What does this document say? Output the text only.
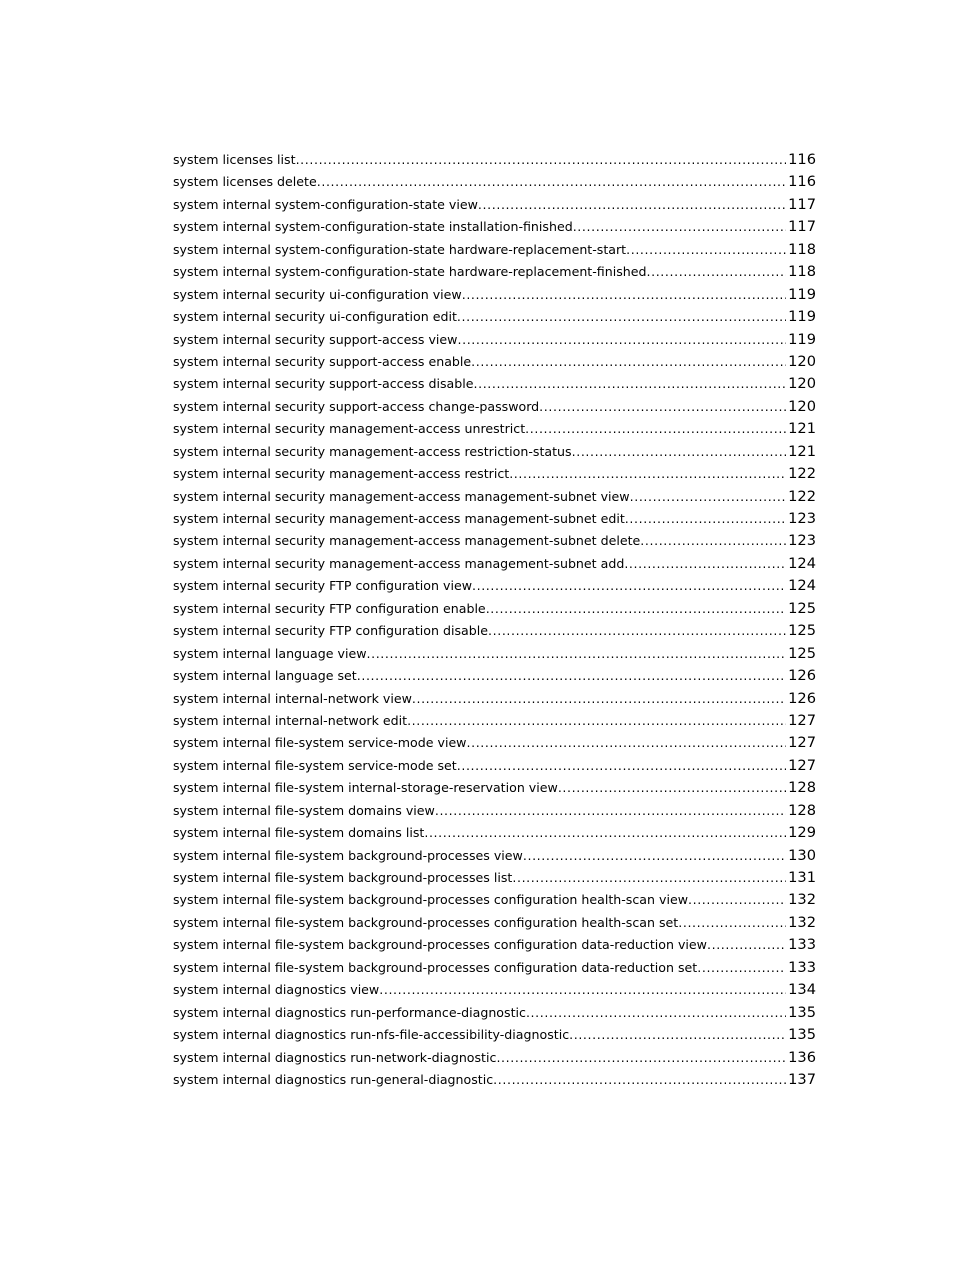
system licenses list .....	116
system licenses delete .....	116
system internal system-configuration-state view .....	117
system internal system-configuration-state installation-finished .....	117
system internal system-configuration-state hardware-replacement-start .....	118
system internal system-configuration-state hardware-replacement-finished .....	118
system internal security ui-configuration view .....	119
system internal security ui-configuration edit .....	119
system internal security support-access view .....	119
system internal security support-access enable .....	120
system internal security support-access disable .....	120
system internal security support-access change-password .....	120
system internal security management-access unrestrict .....	121
system internal security management-access restriction-status .....	121
system internal security management-access restrict .....	122
system internal security management-access management-subnet view .....	122
system internal security management-access management-subnet edit .....	123
system internal security management-access management-subnet delete .....	123
system internal security management-access management-subnet add .....	124
system internal security FTP configuration view .....	124
system internal security FTP configuration enable .....	125
system internal security FTP configuration disable .....	125
system internal language view .....	125
system internal language set .....	126
system internal internal-network view .....	126
system internal internal-network edit .....	127
system internal file-system service-mode view .....	127
system internal file-system service-mode set .....	127
system internal file-system internal-storage-reservation view .....	128
system internal file-system domains view .....	128
system internal file-system domains list .....	129
system internal file-system background-processes view .....	130
system internal file-system background-processes list .....	131
system internal file-system background-processes configuration health-scan view .....	132
system internal file-system background-processes configuration health-scan set .....	132
system internal file-system background-processes configuration data-reduction view .....	133
system internal file-system background-processes configuration data-reduction set .....	133
system internal diagnostics view .....	134
system internal diagnostics run-performance-diagnostic .....	135
system internal diagnostics run-nfs-file-accessibility-diagnostic .....	135
system internal diagnostics run-network-diagnostic .....	136
system internal diagnostics run-general-diagnostic .....	137
